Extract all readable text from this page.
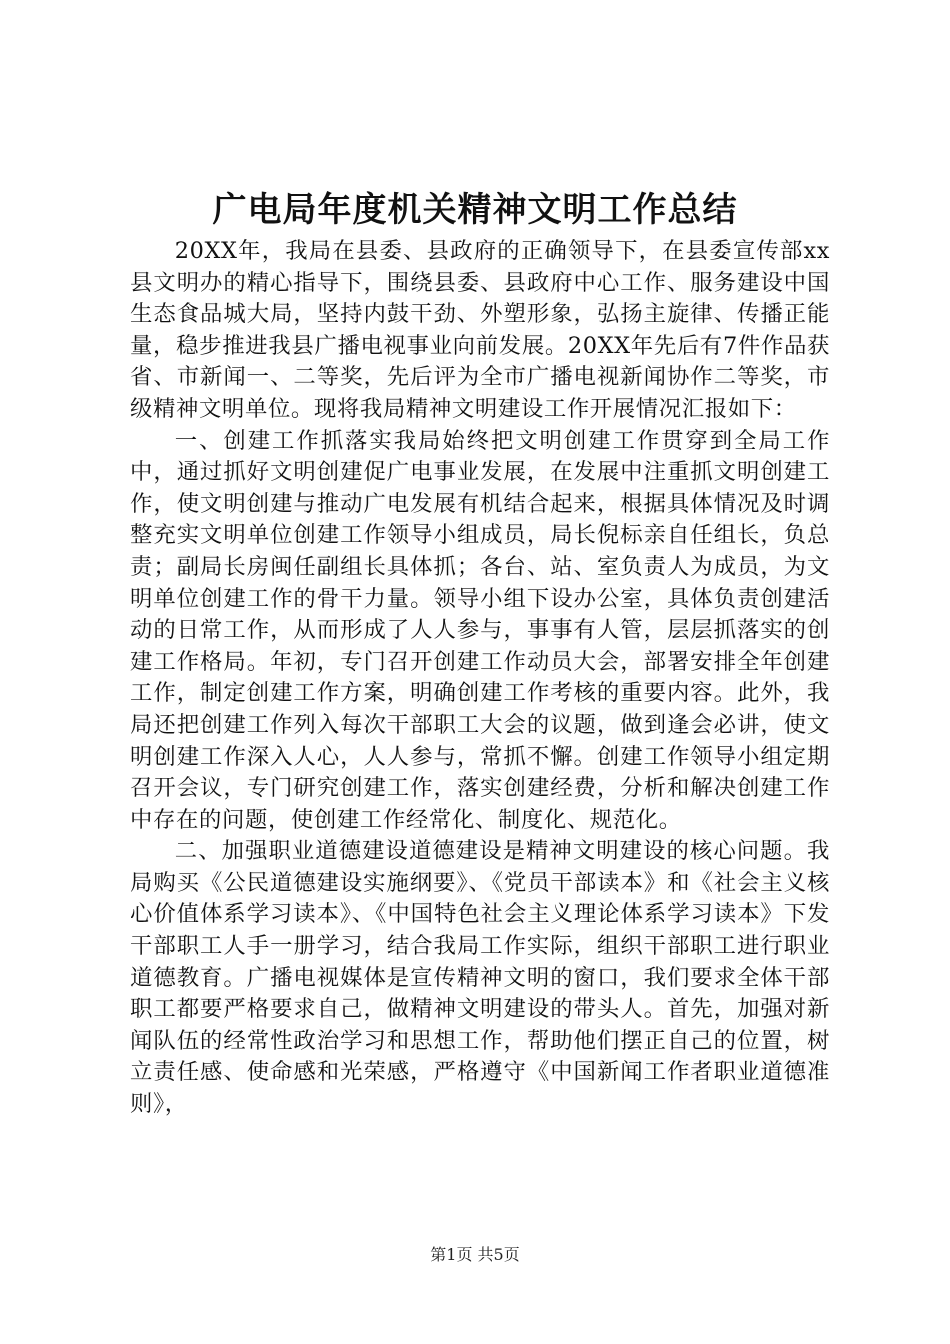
广电局年度机关精神文明工作总结

20XX年，我局在县委、县政府的正确领导下，在县委宣传部xx县文明办的精心指导下，围绕县委、县政府中心工作、服务建设中国生态食品城大局，坚持内鼓干劲、外塑形象，弘扬主旋律、传播正能量，稳步推进我县广播电视事业向前发展。20XX年先后有7件作品获省、市新闻一、二等奖，先后评为全市广播电视新闻协作二等奖，市级精神文明单位。现将我局精神文明建设工作开展情况汇报如下：

一、创建工作抓落实我局始终把文明创建工作贯穿到全局工作中，通过抓好文明创建促广电事业发展，在发展中注重抓文明创建工作，使文明创建与推动广电发展有机结合起来，根据具体情况及时调整充实文明单位创建工作领导小组成员，局长倪标亲自任组长，负总责；副局长房闽任副组长具体抓；各台、站、室负责人为成员，为文明单位创建工作的骨干力量。领导小组下设办公室，具体负责创建活动的日常工作，从而形成了人人参与，事事有人管，层层抓落实的创建工作格局。年初，专门召开创建工作动员大会，部署安排全年创建工作，制定创建工作方案，明确创建工作考核的重要内容。此外，我局还把创建工作列入每次干部职工大会的议题，做到逢会必讲，使文明创建工作深入人心，人人参与，常抓不懈。创建工作领导小组定期召开会议，专门研究创建工作，落实创建经费，分析和解决创建工作中存在的问题，使创建工作经常化、制度化、规范化。

二、加强职业道德建设道德建设是精神文明建设的核心问题。我局购买《公民道德建设实施纲要》、《党员干部读本》和《社会主义核心价值体系学习读本》、《中国特色社会主义理论体系学习读本》下发干部职工人手一册学习，结合我局工作实际，组织干部职工进行职业道德教育。广播电视媒体是宣传精神文明的窗口，我们要求全体干部职工都要严格要求自己，做精神文明建设的带头人。首先，加强对新闻队伍的经常性政治学习和思想工作，帮助他们摆正自己的位置，树立责任感、使命感和光荣感，严格遵守《中国新闻工作者职业道德准则》，

第1页 共5页
